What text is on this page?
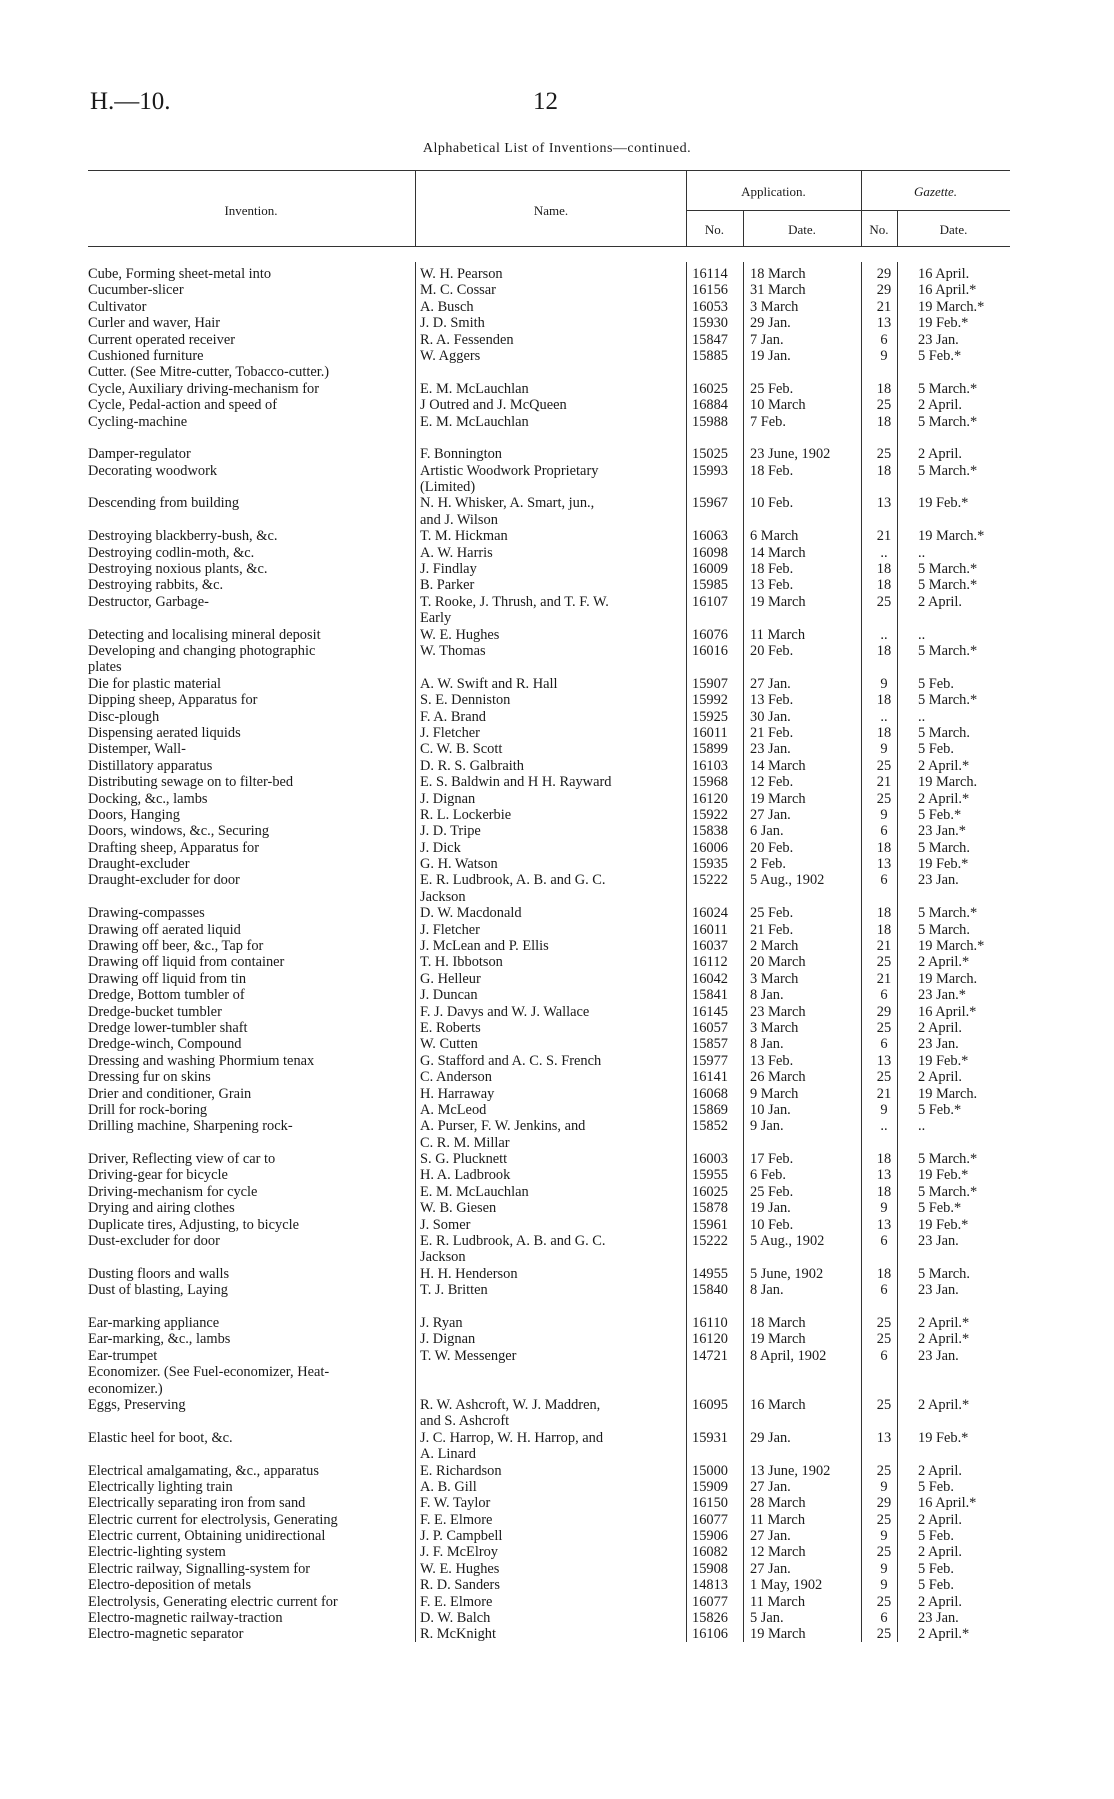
H.—10.	12
Alphabetical List of Inventions—continued.
Invention.	Name.
Application.	Gazette.
No.	Date.	No.	Date.
Cube, Forming sheet-metal into	W. H. Pearson	16114	18 March	29	16 April.
Cucumber-slicer	M. C. Cossar	16156	31 March	29	16 April.*
Cultivator	A. Busch	16053	3 March	21	19 March.*
Curler and waver, Hair	J. D. Smith	15930	29 Jan.	13	19 Feb.*
Current operated receiver	R. A. Fessenden	15847	7 Jan.	6	23 Jan.
Cushioned furniture	W. Aggers	15885	19 Jan.	9	5 Feb.*
Cutter. (See Mitre-cutter, Tobacco-cutter.)
Cycle, Auxiliary driving-mechanism for	E. M. McLauchlan	16025	25 Feb.	18	5 March.*
Cycle, Pedal-action and speed of	J Outred and J. McQueen	16884	10 March	25	2 April.
Cycling-machine	E. M. McLauchlan	15988	7 Feb.	18	5 March.*
Damper-regulator	F. Bonnington	15025	23 June, 1902	25	2 April.
Decorating woodwork	Artistic Woodwork Proprietary	15993	18 Feb.	18	5 March.*
(Limited)
Descending from building	N. H. Whisker, A. Smart, jun.,	15967	10 Feb.	13	19 Feb.*
and J. Wilson
Destroying blackberry-bush, &c.	T. M. Hickman	16063	6 March	21	19 March.*
Destroying codlin-moth, &c.	A. W. Harris	16098	14 March	..	..
Destroying noxious plants, &c.	J. Findlay	16009	18 Feb.	18	5 March.*
Destroying rabbits, &c.	B. Parker	15985	13 Feb.	18	5 March.*
Destructor, Garbage-	T. Rooke, J. Thrush, and T. F. W.	16107	19 March	25	2 April.
Early
Detecting and localising mineral deposit	W. E. Hughes	16076	11 March	..	..
Developing and changing photographic	W. Thomas	16016	20 Feb.	18	5 March.*
plates
Die for plastic material	A. W. Swift and R. Hall	15907	27 Jan.	9	5 Feb.
Dipping sheep, Apparatus for	S. E. Denniston	15992	13 Feb.	18	5 March.*
Disc-plough	F. A. Brand	15925	30 Jan.	..	..
Dispensing aerated liquids	J. Fletcher	16011	21 Feb.	18	5 March.
Distemper, Wall-	C. W. B. Scott	15899	23 Jan.	9	5 Feb.
Distillatory apparatus	D. R. S. Galbraith	16103	14 March	25	2 April.*
Distributing sewage on to filter-bed	E. S. Baldwin and H H. Rayward	15968	12 Feb.	21	19 March.
Docking, &c., lambs	J. Dignan	16120	19 March	25	2 April.*
Doors, Hanging	R. L. Lockerbie	15922	27 Jan.	9	5 Feb.*
Doors, windows, &c., Securing	J. D. Tripe	15838	6 Jan.	6	23 Jan.*
Drafting sheep, Apparatus for	J. Dick	16006	20 Feb.	18	5 March.
Draught-excluder	G. H. Watson	15935	2 Feb.	13	19 Feb.*
Draught-excluder for door	E. R. Ludbrook, A. B. and G. C.	15222	5 Aug., 1902	6	23 Jan.
Jackson
Drawing-compasses	D. W. Macdonald	16024	25 Feb.	18	5 March.*
Drawing off aerated liquid	J. Fletcher	16011	21 Feb.	18	5 March.
Drawing off beer, &c., Tap for	J. McLean and P. Ellis	16037	2 March	21	19 March.*
Drawing off liquid from container	T. H. Ibbotson	16112	20 March	25	2 April.*
Drawing off liquid from tin	G. Helleur	16042	3 March	21	19 March.
Dredge, Bottom tumbler of	J. Duncan	15841	8 Jan.	6	23 Jan.*
Dredge-bucket tumbler	F. J. Davys and W. J. Wallace	16145	23 March	29	16 April.*
Dredge lower-tumbler shaft	E. Roberts	16057	3 March	25	2 April.
Dredge-winch, Compound	W. Cutten	15857	8 Jan.	6	23 Jan.
Dressing and washing Phormium tenax	G. Stafford and A. C. S. French	15977	13 Feb.	13	19 Feb.*
Dressing fur on skins	C. Anderson	16141	26 March	25	2 April.
Drier and conditioner, Grain	H. Harraway	16068	9 March	21	19 March.
Drill for rock-boring	A. McLeod	15869	10 Jan.	9	5 Feb.*
Drilling machine, Sharpening rock-	A. Purser, F. W. Jenkins, and	15852	9 Jan.	..	..
C. R. M. Millar
Driver, Reflecting view of car to	S. G. Plucknett	16003	17 Feb.	18	5 March.*
Driving-gear for bicycle	H. A. Ladbrook	15955	6 Feb.	13	19 Feb.*
Driving-mechanism for cycle	E. M. McLauchlan	16025	25 Feb.	18	5 March.*
Drying and airing clothes	W. B. Giesen	15878	19 Jan.	9	5 Feb.*
Duplicate tires, Adjusting, to bicycle	J. Somer	15961	10 Feb.	13	19 Feb.*
Dust-excluder for door	E. R. Ludbrook, A. B. and G. C.	15222	5 Aug., 1902	6	23 Jan.
Jackson
Dusting floors and walls	H. H. Henderson	14955	5 June, 1902	18	5 March.
Dust of blasting, Laying	T. J. Britten	15840	8 Jan.	6	23 Jan.
Ear-marking appliance	J. Ryan	16110	18 March	25	2 April.*
Ear-marking, &c., lambs	J. Dignan	16120	19 March	25	2 April.*
Ear-trumpet	T. W. Messenger	14721	8 April, 1902	6	23 Jan.
Economizer. (See Fuel-economizer, Heat-
economizer.)
Eggs, Preserving	R. W. Ashcroft, W. J. Maddren,	16095	16 March	25	2 April.*
and S. Ashcroft
Elastic heel for boot, &c.	J. C. Harrop, W. H. Harrop, and	15931	29 Jan.	13	19 Feb.*
A. Linard
Electrical amalgamating, &c., apparatus	E. Richardson	15000	13 June, 1902	25	2 April.
Electrically lighting train	A. B. Gill	15909	27 Jan.	9	5 Feb.
Electrically separating iron from sand	F. W. Taylor	16150	28 March	29	16 April.*
Electric current for electrolysis, Generating	F. E. Elmore	16077	11 March	25	2 April.
Electric current, Obtaining unidirectional	J. P. Campbell	15906	27 Jan.	9	5 Feb.
Electric-lighting system	J. F. McElroy	16082	12 March	25	2 April.
Electric railway, Signalling-system for	W. E. Hughes	15908	27 Jan.	9	5 Feb.
Electro-deposition of metals	R. D. Sanders	14813	1 May, 1902	9	5 Feb.
Electrolysis, Generating electric current for	F. E. Elmore	16077	11 March	25	2 April.
Electro-magnetic railway-traction	D. W. Balch	15826	5 Jan.	6	23 Jan.
Electro-magnetic separator	R. McKnight	16106	19 March	25	2 April.*
